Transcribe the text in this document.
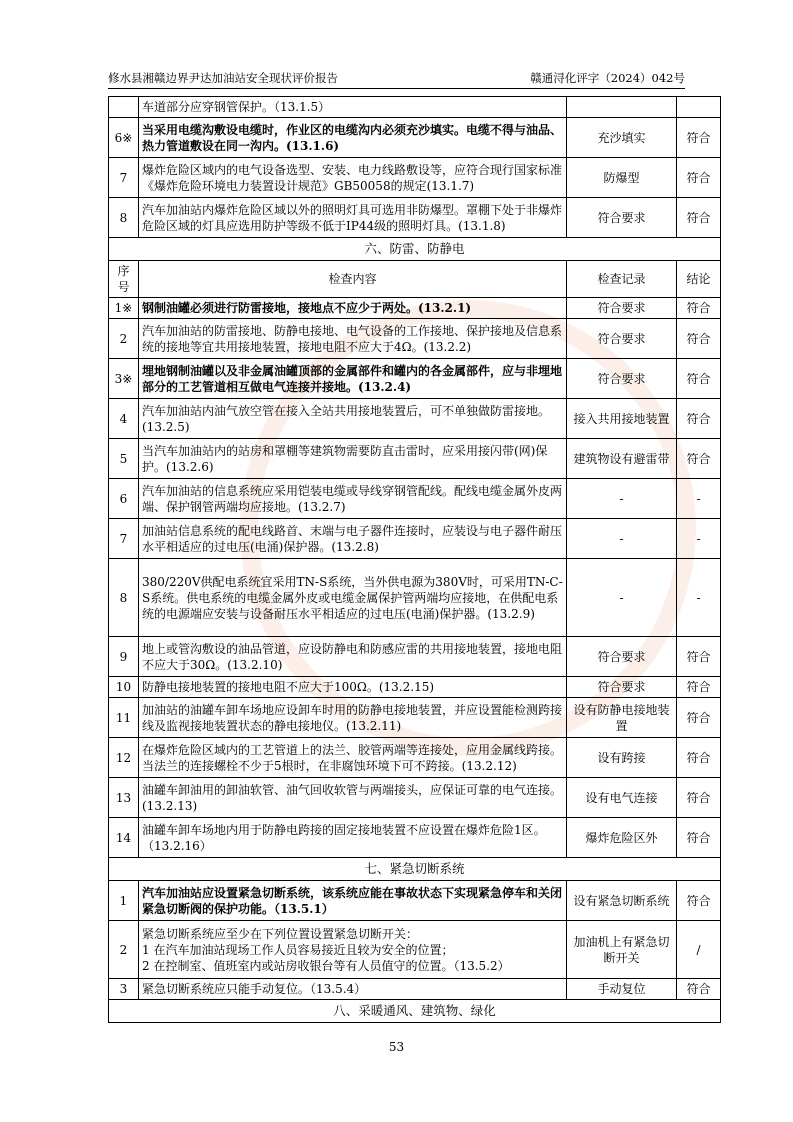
修水县湘赣边界尹达加油站安全现状评价报告	赣通浔化评字（2024）042号
	车道部分应穿钢管保护。（13.1.5）		
6※	当采用电缆沟敷设电缆时，作业区的电缆沟内必须充沙填实。电缆不得与油品、热力管道敷设在同一沟内。(13.1.6)	充沙填实	符合
7	爆炸危险区域内的电气设备选型、安装、电力线路敷设等，应符合现行国家标准《爆炸危险环境电力装置设计规范》GB50058的规定(13.1.7)	防爆型	符合
8	汽车加油站内爆炸危险区域以外的照明灯具可选用非防爆型。罩棚下处于非爆炸危险区域的灯具应选用防护等级不低于IP44级的照明灯具。(13.1.8)	符合要求	符合
六、防雷、防静电			
序号	检查内容	检查记录	结论
1※	钢制油罐必须进行防雷接地，接地点不应少于两处。(13.2.1)	符合要求	符合
2	汽车加油站的防雷接地、防静电接地、电气设备的工作接地、保护接地及信息系统的接地等宜共用接地装置，接地电阻不应大于4Ω。(13.2.2)	符合要求	符合
3※	埋地钢制油罐以及非金属油罐顶部的金属部件和罐内的各金属部件，应与非埋地部分的工艺管道相互做电气连接并接地。(13.2.4)	符合要求	符合
4	汽车加油站内油气放空管在接入全站共用接地装置后，可不单独做防雷接地。(13.2.5)	接入共用接地装置	符合
5	当汽车加油站内的站房和罩棚等建筑物需要防直击雷时，应采用接闪带(网)保护。(13.2.6)	建筑物设有避雷带	符合
6	汽车加油站的信息系统应采用铠装电缆或导线穿钢管配线。配线电缆金属外皮两端、保护钢管两端均应接地。(13.2.7)	-	-
7	加油站信息系统的配电线路首、末端与电子器件连接时，应装设与电子器件耐压水平相适应的过电压(电涌)保护器。(13.2.8)	-	-
8	380/220V供配电系统宜采用TN-S系统，当外供电源为380V时，可采用TN-C-S系统。供电系统的电缆金属外皮或电缆金属保护管两端均应接地，在供配电系统的电源端应安装与设备耐压水平相适应的过电压(电涌)保护器。(13.2.9)	-	-
9	地上或管沟敷设的油品管道，应设防静电和防感应雷的共用接地装置，接地电阻不应大于30Ω。(13.2.10)	符合要求	符合
10	防静电接地装置的接地电阻不应大于100Ω。(13.2.15)	符合要求	符合
11	加油站的油罐车卸车场地应设卸车时用的防静电接地装置，并应设置能检测跨接线及监视接地装置状态的静电接地仪。(13.2.11)	设有防静电接地装置	符合
12	在爆炸危险区域内的工艺管道上的法兰、胶管两端等连接处，应用金属线跨接。当法兰的连接螺栓不少于5根时，在非腐蚀环境下可不跨接。(13.2.12)	设有跨接	符合
13	油罐车卸油用的卸油软管、油气回收软管与两端接头，应保证可靠的电气连接。(13.2.13)	设有电气连接	符合
14	油罐车卸车场地内用于防静电跨接的固定接地装置不应设置在爆炸危险1区。（13.2.16）	爆炸危险区外	符合
七、紧急切断系统			
1	汽车加油站应设置紧急切断系统，该系统应能在事故状态下实现紧急停车和关闭紧急切断阀的保护功能。（13.5.1）	设有紧急切断系统	符合
2	紧急切断系统应至少在下列位置设置紧急切断开关：
1 在汽车加油站现场工作人员容易接近且较为安全的位置；
2 在控制室、值班室内或站房收银台等有人员值守的位置。（13.5.2）	加油机上有紧急切断开关	/
3	紧急切断系统应只能手动复位。（13.5.4）	手动复位	符合
八、采暖通风、建筑物、绿化			
53
